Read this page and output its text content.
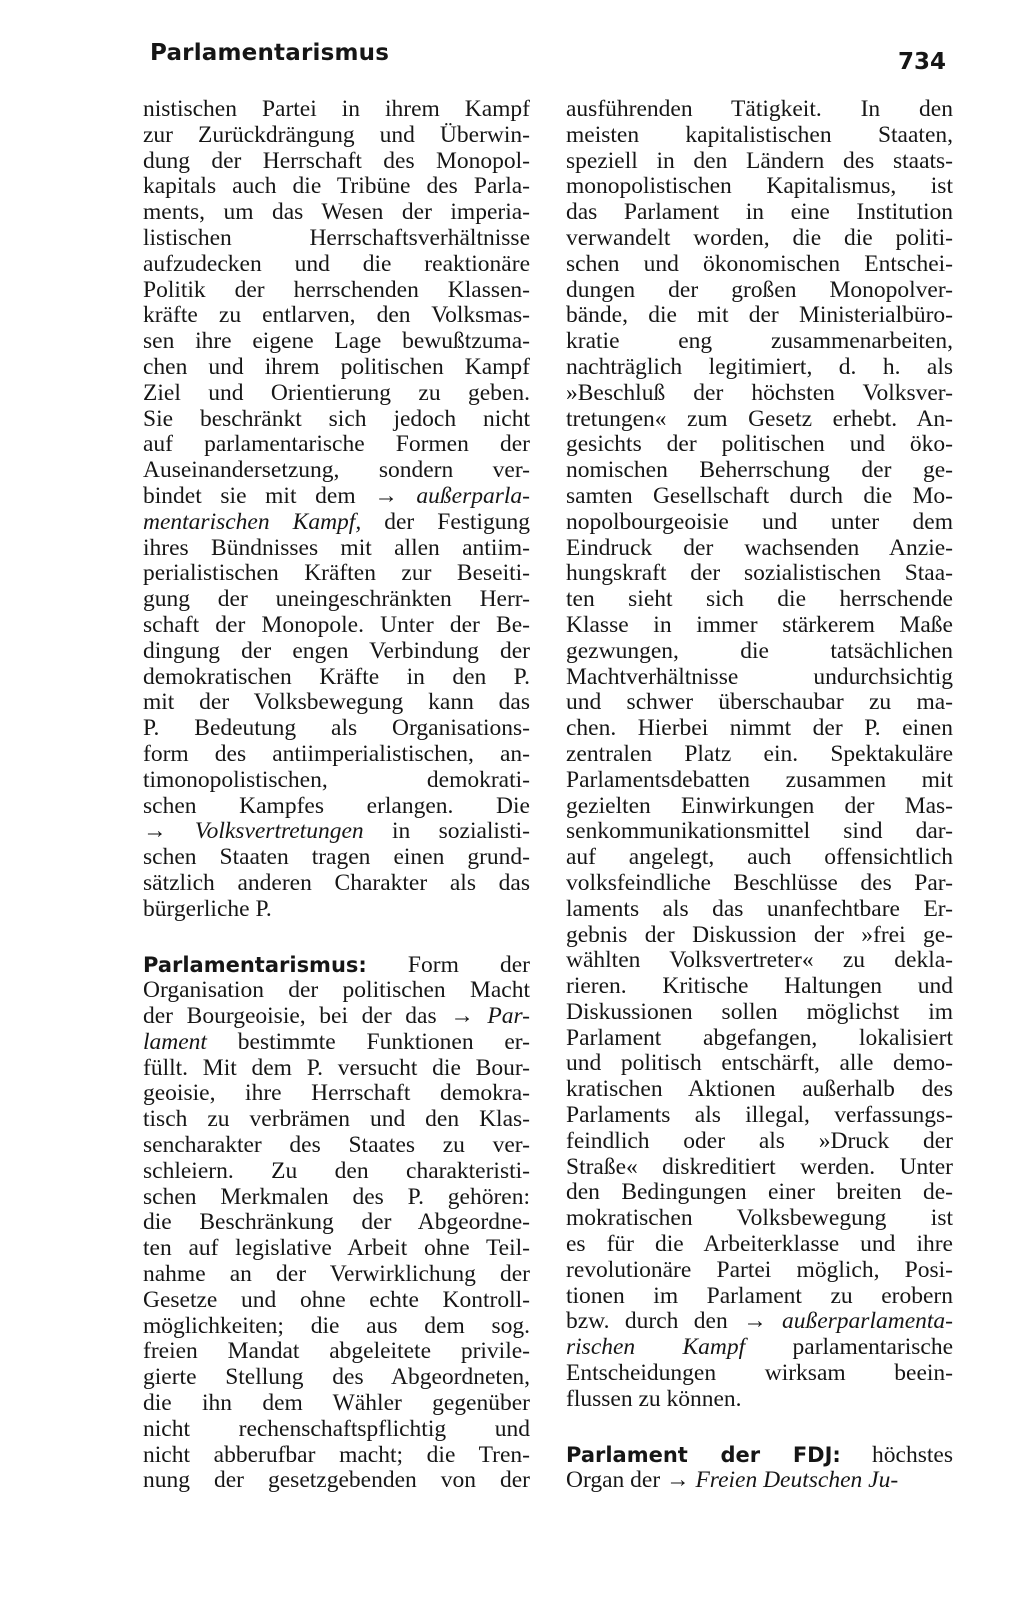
Parlamentarismus	734
nistischen Partei in ihrem Kampf
zur Zurückdrängung und Überwin-
dung der Herrschaft des Monopol-
kapitals auch die Tribüne des Parla-
ments, um das Wesen der imperia-
listischen Herrschaftsverhältnisse
aufzudecken und die reaktionäre
Politik der herrschenden Klassen-
kräfte zu entlarven, den Volksmas-
sen ihre eigene Lage bewußtzuma-
chen und ihrem politischen Kampf
Ziel und Orientierung zu geben.
Sie beschränkt sich jedoch nicht
auf parlamentarische Formen der
Auseinandersetzung, sondern ver-
bindet sie mit dem → außerparla-
mentarischen Kampf, der Festigung
ihres Bündnisses mit allen antiim-
perialistischen Kräften zur Beseiti-
gung der uneingeschränkten Herr-
schaft der Monopole. Unter der Be-
dingung der engen Verbindung der
demokratischen Kräfte in den P.
mit der Volksbewegung kann das
P. Bedeutung als Organisations-
form des antiimperialistischen, an-
timonopolistischen, demokrati-
schen Kampfes erlangen. Die
→ Volksvertretungen in sozialisti-
schen Staaten tragen einen grund-
sätzlich anderen Charakter als das
bürgerliche P.
Parlamentarismus: Form der
Organisation der politischen Macht
der Bourgeoisie, bei der das → Par-
lament bestimmte Funktionen er-
füllt. Mit dem P. versucht die Bour-
geoisie, ihre Herrschaft demokra-
tisch zu verbrämen und den Klas-
sencharakter des Staates zu ver-
schleiern. Zu den charakteristi-
schen Merkmalen des P. gehören:
die Beschränkung der Abgeordne-
ten auf legislative Arbeit ohne Teil-
nahme an der Verwirklichung der
Gesetze und ohne echte Kontroll-
möglichkeiten; die aus dem sog.
freien Mandat abgeleitete privile-
gierte Stellung des Abgeordneten,
die ihn dem Wähler gegenüber
nicht rechenschaftspflichtig und
nicht abberufbar macht; die Tren-
nung der gesetzgebenden von der
ausführenden Tätigkeit. In den
meisten kapitalistischen Staaten,
speziell in den Ländern des staats-
monopolistischen Kapitalismus, ist
das Parlament in eine Institution
verwandelt worden, die die politi-
schen und ökonomischen Entschei-
dungen der großen Monopolver-
bände, die mit der Ministerialbüro-
kratie eng zusammenarbeiten,
nachträglich legitimiert, d. h. als
»Beschluß der höchsten Volksver-
tretungen« zum Gesetz erhebt. An-
gesichts der politischen und öko-
nomischen Beherrschung der ge-
samten Gesellschaft durch die Mo-
nopolbourgeoisie und unter dem
Eindruck der wachsenden Anzie-
hungskraft der sozialistischen Staa-
ten sieht sich die herrschende
Klasse in immer stärkerem Maße
gezwungen, die tatsächlichen
Machtverhältnisse undurchsichtig
und schwer überschaubar zu ma-
chen. Hierbei nimmt der P. einen
zentralen Platz ein. Spektakuläre
Parlamentsdebatten zusammen mit
gezielten Einwirkungen der Mas-
senkommunikationsmittel sind dar-
auf angelegt, auch offensichtlich
volksfeindliche Beschlüsse des Par-
laments als das unanfechtbare Er-
gebnis der Diskussion der »frei ge-
wählten Volksvertreter« zu dekla-
rieren. Kritische Haltungen und
Diskussionen sollen möglichst im
Parlament abgefangen, lokalisiert
und politisch entschärft, alle demo-
kratischen Aktionen außerhalb des
Parlaments als illegal, verfassungs-
feindlich oder als »Druck der
Straße« diskreditiert werden. Unter
den Bedingungen einer breiten de-
mokratischen Volksbewegung ist
es für die Arbeiterklasse und ihre
revolutionäre Partei möglich, Posi-
tionen im Parlament zu erobern
bzw. durch den → außerparlamenta-
rischen Kampf parlamentarische
Entscheidungen wirksam beein-
flussen zu können.
Parlament der FDJ: höchstes
Organ der → Freien Deutschen Ju-
